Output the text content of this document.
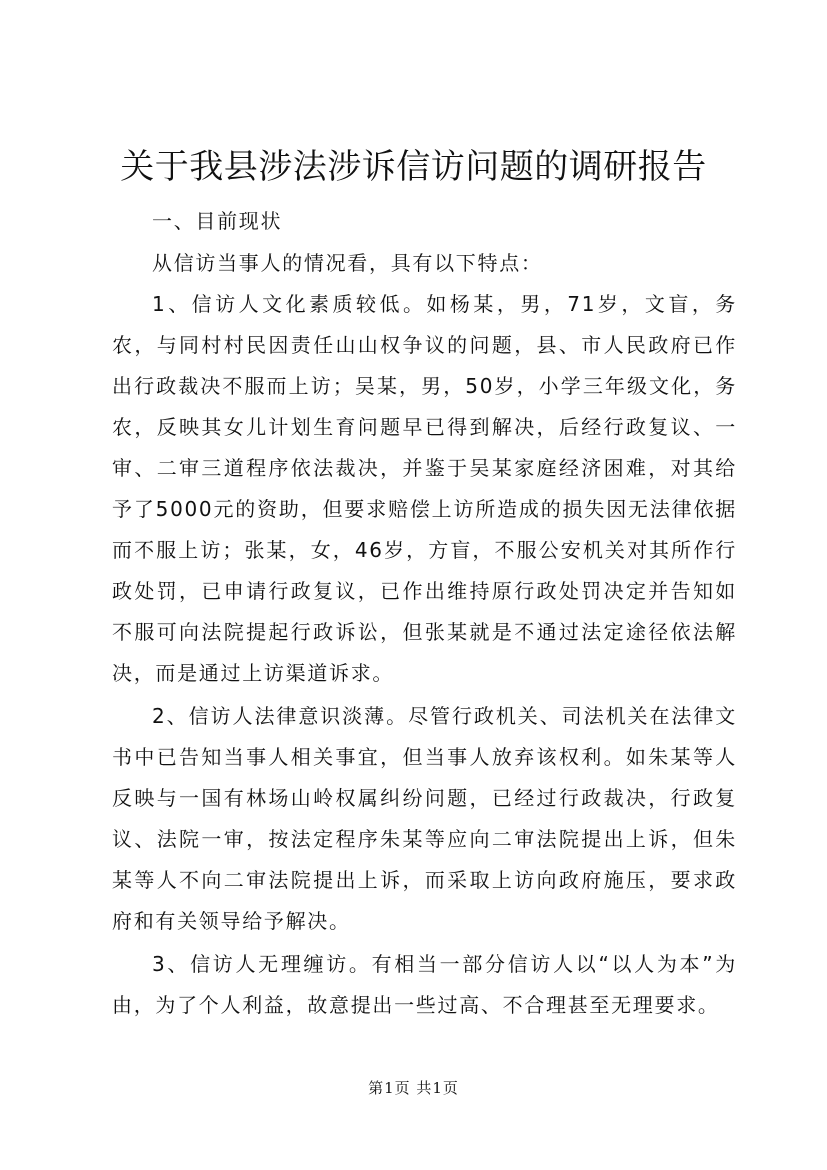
关于我县涉法涉诉信访问题的调研报告

一、目前现状

从信访当事人的情况看，具有以下特点：

1、信访人文化素质较低。如杨某，男，71岁，文盲，务农，与同村村民因责任山山权争议的问题，县、市人民政府已作出行政裁决不服而上访；吴某，男，50岁，小学三年级文化，务农，反映其女儿计划生育问题早已得到解决，后经行政复议、一审、二审三道程序依法裁决，并鉴于吴某家庭经济困难，对其给予了5000元的资助，但要求赔偿上访所造成的损失因无法律依据而不服上访；张某，女，46岁，方盲，不服公安机关对其所作行政处罚，已申请行政复议，已作出维持原行政处罚决定并告知如不服可向法院提起行政诉讼，但张某就是不通过法定途径依法解决，而是通过上访渠道诉求。

2、信访人法律意识淡薄。尽管行政机关、司法机关在法律文书中已告知当事人相关事宜，但当事人放弃该权利。如朱某等人反映与一国有林场山岭权属纠纷问题，已经过行政裁决，行政复议、法院一审，按法定程序朱某等应向二审法院提出上诉，但朱某等人不向二审法院提出上诉，而采取上访向政府施压，要求政府和有关领导给予解决。

3、信访人无理缠访。有相当一部分信访人以“以人为本”为由，为了个人利益，故意提出一些过高、不合理甚至无理要求。

第1页 共1页
